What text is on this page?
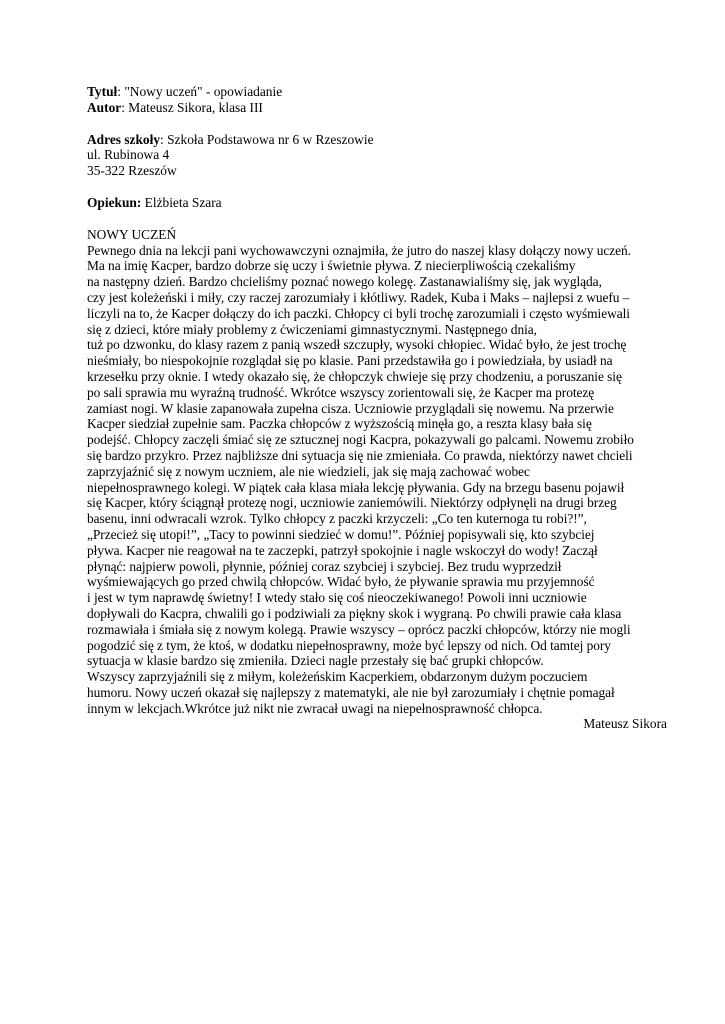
Tytuł: "Nowy uczeń" - opowiadanie
Autor: Mateusz Sikora, klasa III
Adres szkoły: Szkoła Podstawowa nr 6 w Rzeszowie
ul. Rubinowa 4
35-322 Rzeszów
Opiekun: Elżbieta Szara
NOWY UCZEŃ
Pewnego dnia na lekcji pani wychowawczyni oznajmiła, że jutro do naszej klasy dołączy nowy uczeń.
Ma na imię Kacper, bardzo dobrze się uczy i świetnie pływa. Z niecierpliwością czekaliśmy
na następny dzień. Bardzo chcieliśmy poznać nowego kolegę. Zastanawialiśmy się, jak wygląda,
czy jest koleżeński i miły, czy raczej zarozumiały i kłótliwy. Radek, Kuba i Maks – najlepsi z wuefu –
liczyli na to, że Kacper dołączy do ich paczki. Chłopcy ci byli trochę zarozumiali i często wyśmiewali
się z dzieci, które miały problemy z ćwiczeniami gimnastycznymi. Następnego dnia,
tuż po dzwonku, do klasy razem z panią wszedł szczupły, wysoki chłopiec. Widać było, że jest trochę
nieśmiały, bo niespokojnie rozglądał się po klasie. Pani przedstawiła go i powiedziała, by usiadł na
krzesełku przy oknie. I wtedy okazało się, że chłopczyk chwieje się przy chodzeniu, a poruszanie się
po sali sprawia mu wyraźną trudność. Wkrótce wszyscy zorientowali się, że Kacper ma protezę
zamiast nogi. W klasie zapanowała zupełna cisza. Uczniowie przyglądali się nowemu. Na przerwie
Kacper siedział zupełnie sam. Paczka chłopców z wyższością minęła go, a reszta klasy bała się
podejść. Chłopcy zaczęli śmiać się ze sztucznej nogi Kacpra, pokazywali go palcami. Nowemu zrobiło
się bardzo przykro. Przez najbliższe dni sytuacja się nie zmieniała. Co prawda, niektórzy nawet chcieli
zaprzyjaźnić się z nowym uczniem, ale nie wiedzieli, jak się mają zachować wobec
niepełnosprawnego kolegi. W piątek cała klasa miała lekcję pływania. Gdy na brzegu basenu pojawił
się Kacper, który ściągnął protezę nogi, uczniowie zaniemówili. Niektórzy odpłynęli na drugi brzeg
basenu, inni odwracali wzrok. Tylko chłopcy z paczki krzyczeli: „Co ten kuternoga tu robi?!”,
„Przecież się utopi!”, „Tacy to powinni siedzieć w domu!”. Później popisywali się, kto szybciej
pływa. Kacper nie reagował na te zaczepki, patrzył spokojnie i nagle wskoczył do wody! Zaczął
płynąć: najpierw powoli, płynnie, później coraz szybciej i szybciej. Bez trudu wyprzedził
wyśmiewających go przed chwilą chłopców. Widać było, że pływanie sprawia mu przyjemność
i jest w tym naprawdę świetny! I wtedy stało się coś nieoczekiwanego! Powoli inni uczniowie
dopływali do Kacpra, chwalili go i podziwiali za piękny skok i wygraną. Po chwili prawie cała klasa
rozmawiała i śmiała się z nowym kolegą. Prawie wszyscy – oprócz paczki chłopców, którzy nie mogli
pogodzić się z tym, że ktoś, w dodatku niepełnosprawny, może być lepszy od nich. Od tamtej pory
sytuacja w klasie bardzo się zmieniła. Dzieci nagle przestały się bać grupki chłopców.
Wszyscy zaprzyjaźnili się z miłym, koleżeńskim Kacperkiem, obdarzonym dużym poczuciem
humoru. Nowy uczeń okazał się najlepszy z matematyki, ale nie był zarozumiały i chętnie pomagał
innym w lekcjach.Wkrótce już nikt nie zwracał uwagi na niepełnosprawność chłopca.
Mateusz Sikora
